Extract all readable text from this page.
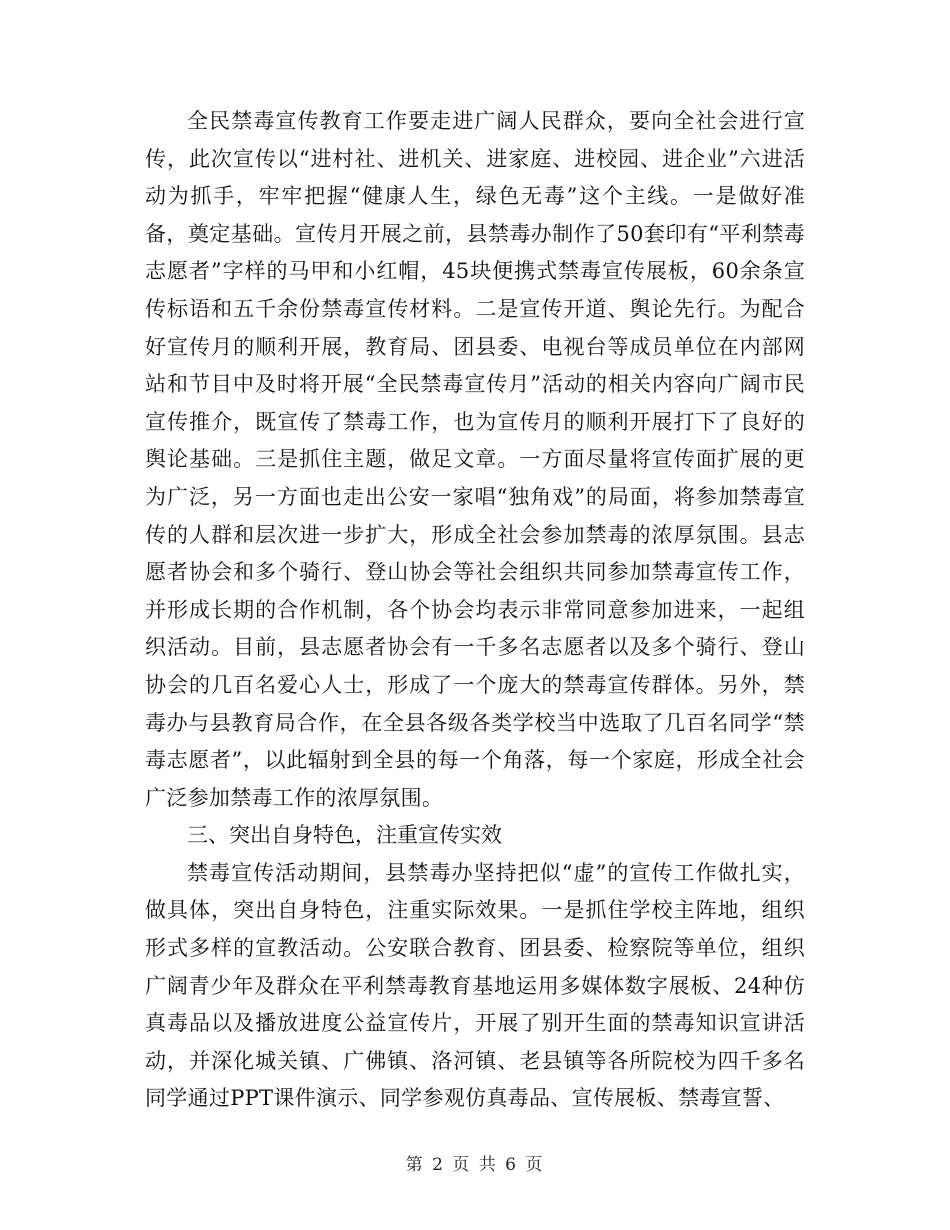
全民禁毒宣传教育工作要走进广阔人民群众，要向全社会进行宣传，此次宣传以“进村社、进机关、进家庭、进校园、进企业”六进活动为抓手，牢牢把握“健康人生，绿色无毒”这个主线。一是做好准备，奠定基础。宣传月开展之前，县禁毒办制作了50套印有“平利禁毒志愿者”字样的马甲和小红帽，45块便携式禁毒宣传展板，60余条宣传标语和五千余份禁毒宣传材料。二是宣传开道、舆论先行。为配合好宣传月的顺利开展，教育局、团县委、电视台等成员单位在内部网站和节目中及时将开展“全民禁毒宣传月”活动的相关内容向广阔市民宣传推介，既宣传了禁毒工作，也为宣传月的顺利开展打下了良好的舆论基础。三是抓住主题，做足文章。一方面尽量将宣传面扩展的更为广泛，另一方面也走出公安一家唱“独角戏”的局面，将参加禁毒宣传的人群和层次进一步扩大，形成全社会参加禁毒的浓厚氛围。县志愿者协会和多个骑行、登山协会等社会组织共同参加禁毒宣传工作，并形成长期的合作机制，各个协会均表示非常同意参加进来，一起组织活动。目前，县志愿者协会有一千多名志愿者以及多个骑行、登山协会的几百名爱心人士，形成了一个庞大的禁毒宣传群体。另外，禁毒办与县教育局合作，在全县各级各类学校当中选取了几百名同学“禁毒志愿者”，以此辐射到全县的每一个角落，每一个家庭，形成全社会广泛参加禁毒工作的浓厚氛围。

三、突出自身特色，注重宣传实效

禁毒宣传活动期间，县禁毒办坚持把似“虚”的宣传工作做扎实，做具体，突出自身特色，注重实际效果。一是抓住学校主阵地，组织形式多样的宣教活动。公安联合教育、团县委、检察院等单位，组织广阔青少年及群众在平利禁毒教育基地运用多媒体数字展板、24种仿真毒品以及播放进度公益宣传片，开展了别开生面的禁毒知识宣讲活动，并深化城关镇、广佛镇、洛河镇、老县镇等各所院校为四千多名同学通过PPT课件演示、同学参观仿真毒品、宣传展板、禁毒宣誓、

第 2 页 共 6 页
